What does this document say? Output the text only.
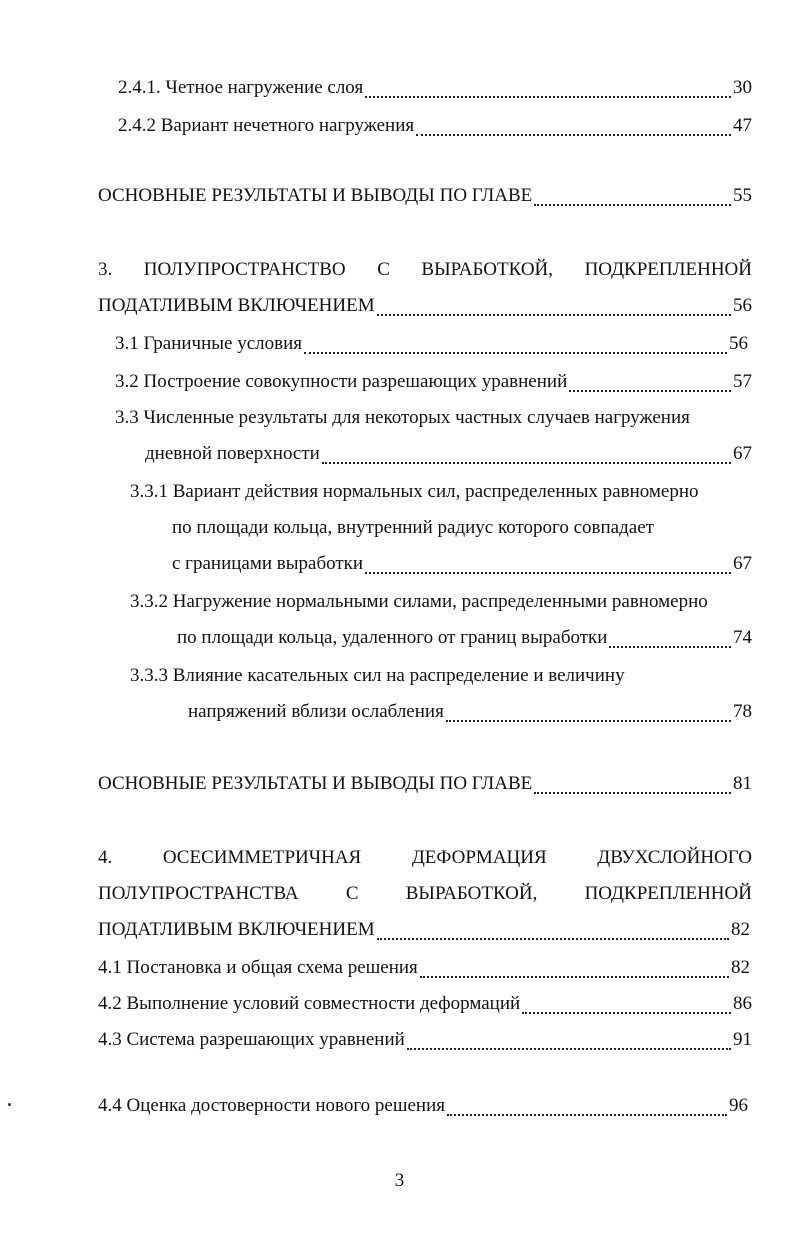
2.4.1. Четное нагружение слоя	30
2.4.2 Вариант нечетного нагружения	47
ОСНОВНЫЕ РЕЗУЛЬТАТЫ И ВЫВОДЫ ПО ГЛАВЕ	55
3. ПОЛУПРОСТРАНСТВО С ВЫРАБОТКОЙ, ПОДКРЕПЛЕННОЙ
ПОДАТЛИВЫМ ВКЛЮЧЕНИЕМ	56
3.1 Граничные условия	56
3.2 Построение совокупности разрешающих уравнений	57
3.3 Численные результаты для некоторых частных случаев нагружения
дневной поверхности	67
3.3.1 Вариант действия нормальных сил, распределенных равномерно
по площади кольца, внутренний радиус которого совпадает
с границами выработки	67
3.3.2 Нагружение нормальными силами, распределенными равномерно
по площади кольца, удаленного от границ выработки	74
3.3.3 Влияние касательных сил на распределение и величину
напряжений вблизи ослабления	78
ОСНОВНЫЕ РЕЗУЛЬТАТЫ И ВЫВОДЫ ПО ГЛАВЕ	81
4.	ОСЕСИММЕТРИЧНАЯ	ДЕФОРМАЦИЯ	ДВУХСЛОЙНОГО
ПОЛУПРОСТРАНСТВА С ВЫРАБОТКОЙ, ПОДКРЕПЛЕННОЙ
ПОДАТЛИВЫМ ВКЛЮЧЕНИЕМ	82
4.1 Постановка и общая схема решения	82
4.2 Выполнение условий совместности деформаций	86
4.3 Система разрешающих уравнений	91
4.4 Оценка достоверности нового решения	96
3
